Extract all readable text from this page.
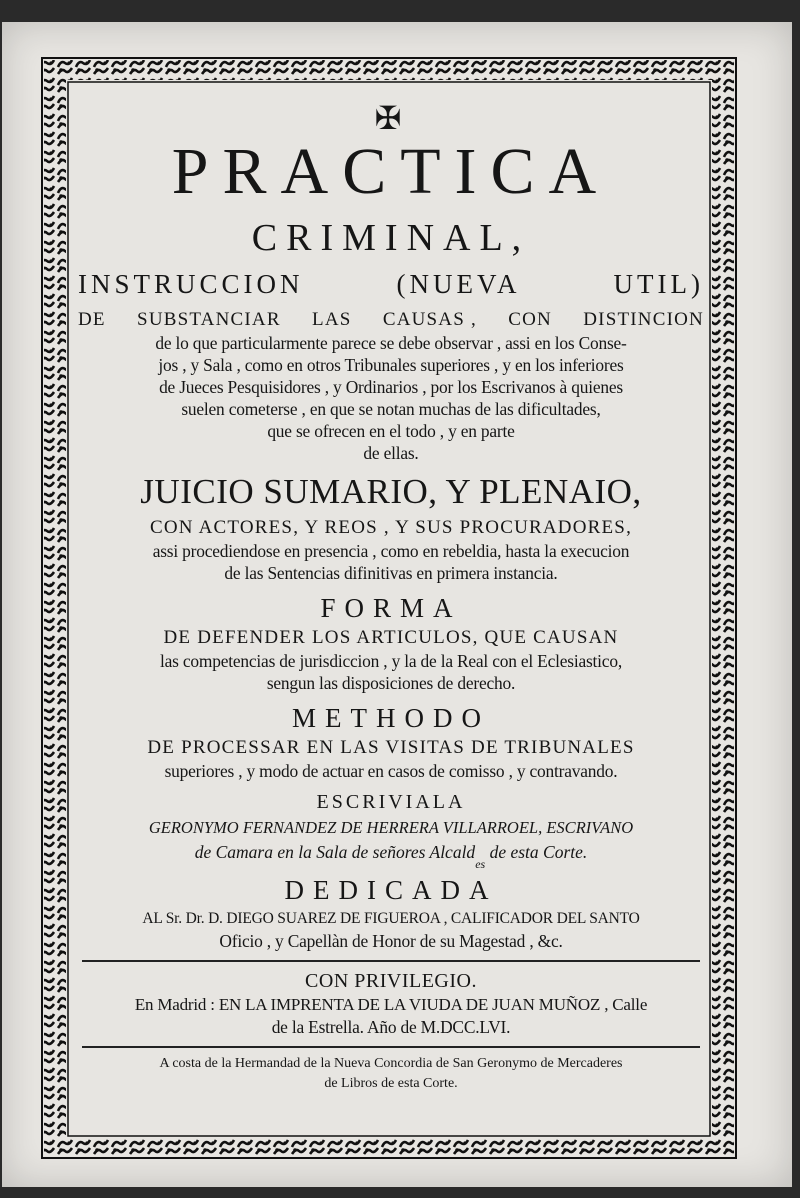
✠
PRACTICA
CRIMINAL,
INSTRUCCION	(NUEVA	UTIL)
DE SUBSTANCIAR LAS CAUSAS , CON DISTINCION
de lo que particularmente parece se debe observar , assi en los Conse-
jos , y Sala , como en otros Tribunales superiores , y en los inferiores
de Jueces Pesquisidores , y Ordinarios , por los Escrivanos à quienes
suelen cometerse , en que se notan muchas de las dificultades,
que se ofrecen en el todo , y en parte
de ellas.
JUICIO SUMARIO, Y PLENAIO,
CON ACTORES, Y REOS , Y SUS PROCURADORES,
assi procediendose en presencia , como en rebeldia, hasta la execucion
de las Sentencias difinitivas en primera instancia.
FORMA
DE DEFENDER LOS ARTICULOS, QUE CAUSAN
las competencias de jurisdiccion , y la de la Real con el Eclesiastico,
sengun las disposiciones de derecho.
METHODO
DE PROCESSAR EN LAS VISITAS DE TRIBUNALES
superiores , y modo de actuar en casos de comisso , y contravando.
ESCRIVIALA
GERONYMO FERNANDEZ DE HERRERA VILLARROEL, ESCRIVANO
de Camara en la Sala de señores Alcald$_{es}$ de esta Corte.
DEDICADA
AL Sr. Dr. D. DIEGO SUAREZ DE FIGUEROA , CALIFICADOR DEL SANTO
Oficio , y Capellàn de Honor de su Magestad , &c.
CON PRIVILEGIO.
En Madrid : EN LA IMPRENTA DE LA VIUDA DE JUAN MUÑOZ , Calle
de la Estrella. Año de M.DCC.LVI.
A costa de la Hermandad de la Nueva Concordia de San Geronymo de Mercaderes
de Libros de esta Corte.
